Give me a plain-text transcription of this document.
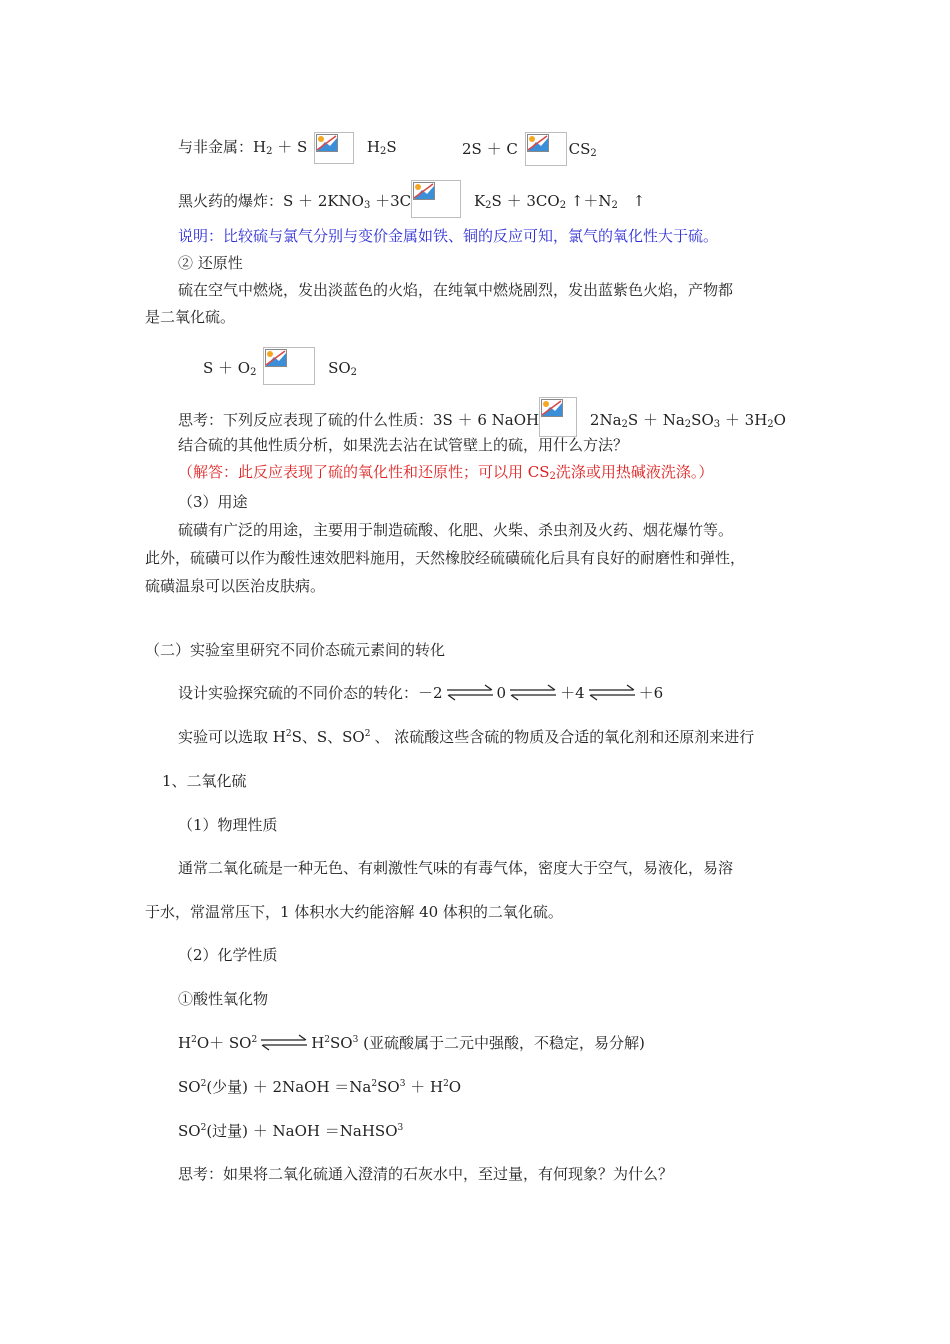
与非金属：$H_2 + S$	$H_2S$	2S ＋ C	$CS_2$
黑火药的爆炸：$S + 2KNO_3 +3C$	$K_2S + 3CO_2$ $↑+N_2$ ↑
说明：比较硫与氯气分别与变价金属如铁、铜的反应可知，氯气的氧化性大于硫。
② 还原性
硫在空气中燃烧，发出淡蓝色的火焰，在纯氧中燃烧剧烈，发出蓝紫色火焰，产物都
是二氧化硫。
$S + O_2$	$SO_2$
思考：下列反应表现了硫的什么性质：3S ＋ 6 NaOH	$2Na_2S + Na_2SO_3 + 3H_2O$
结合硫的其他性质分析，如果洗去沾在试管壁上的硫，用什么方法？
（解答：此反应表现了硫的氧化性和还原性；可以用 $CS_2$洗涤或用热碱液洗涤。）
（3）用途
硫磺有广泛的用途，主要用于制造硫酸、化肥、火柴、杀虫剂及火药、烟花爆竹等。
此外，硫磺可以作为酸性速效肥料施用，天然橡胶经硫磺硫化后具有良好的耐磨性和弹性，
硫磺温泉可以医治皮肤病。
（二）实验室里研究不同价态硫元素间的转化
设计实验探究硫的不同价态的转化：－2 ⇌ 0 ⇌ ＋4 ⇌ ＋6
实验可以选取 $H^2S$、S、$SO^2$ 、 浓硫酸这些含硫的物质及合适的氧化剂和还原剂来进行
1、二氧化硫
（1）物理性质
通常二氧化硫是一种无色、有刺激性气味的有毒气体，密度大于空气，易液化，易溶
于水，常温常压下，1 体积水大约能溶解 40 体积的二氧化硫。
（2）化学性质
①酸性氧化物
$H^2O+ SO^2$ ⇌ $H^2SO^3$ (亚硫酸属于二元中强酸，不稳定，易分解)
$SO^2$(少量) ＋ 2NaOH $=Na^2SO^3 + H^2O$
$SO^2$(过量) ＋ NaOH ＝NaHSO$^3$
思考：如果将二氧化硫通入澄清的石灰水中，至过量，有何现象？为什么？
